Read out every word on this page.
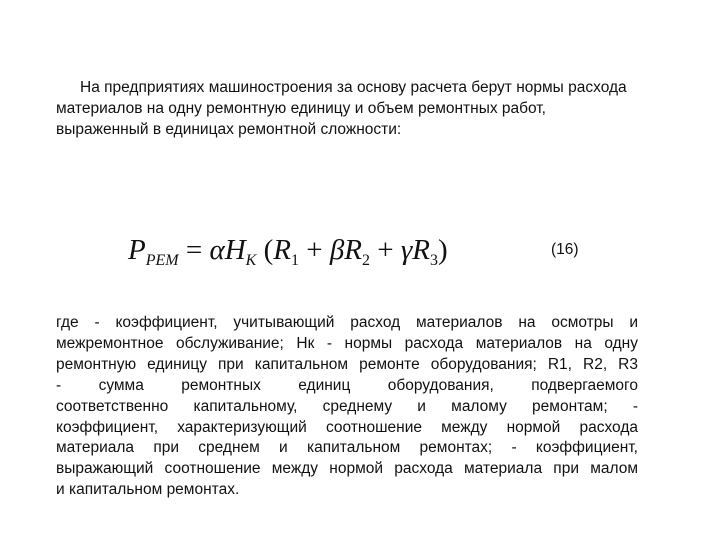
На предприятиях машиностроения за основу расчета берут нормы расхода
материалов на одну ремонтную единицу и объем ремонтных работ,
выраженный в единицах ремонтной сложности:
$P_{PEM} = \alpha H_K$ $(R_1 + \beta R_2 + \gamma R_3)$	(16)
где - коэффициент, учитывающий расход материалов на осмотры и
межремонтное обслуживание; Нк - нормы расхода материалов на одну
ремонтную единицу при капитальном ремонте оборудования; R1, R2, R3
- сумма ремонтных единиц оборудования, подвергаемого
соответственно капитальному, среднему и малому ремонтам; -
коэффициент, характеризующий соотношение между нормой расхода
материала при среднем и капитальном ремонтах; - коэффициент,
выражающий соотношение между нормой расхода материала при малом
и капитальном ремонтах.
